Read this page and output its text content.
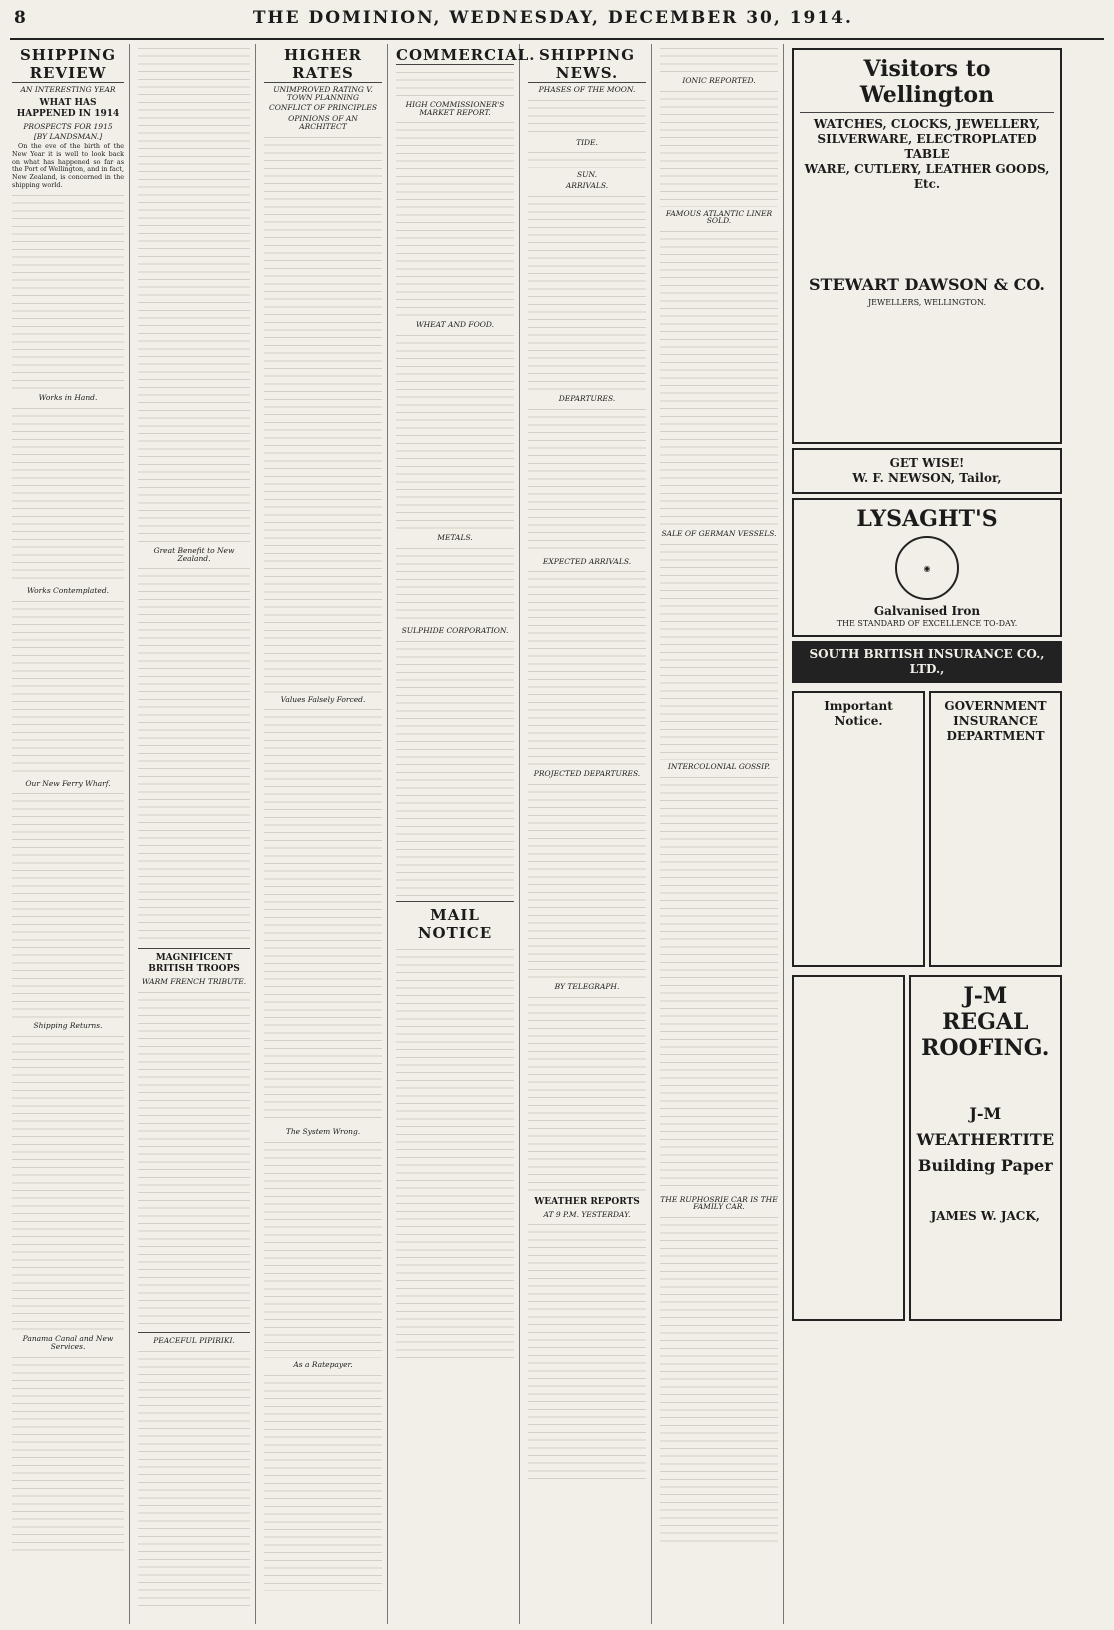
8	THE DOMINION, WEDNESDAY, DECEMBER 30, 1914.
SHIPPING REVIEW
AN INTERESTING YEAR
WHAT HAS HAPPENED IN 1914
PROSPECTS FOR 1915
[BY LANDSMAN.]

On the eve of the birth of the New Year it is well to look back on what has happened so far as the Port of Wellington, and in fact, New Zealand, is concerned in the shipping world.

Works in Hand.
Works Contemplated.
Our New Ferry Wharf.
Shipping Returns.
Panama Canal and New Services.
Great Benefit to New Zealand.
MAGNIFICENT BRITISH TROOPS
WARM FRENCH TRIBUTE.
PEACEFUL PIPIRIKI.
HIGHER RATES
UNIMPROVED RATING V. TOWN PLANNING
CONFLICT OF PRINCIPLES
OPINIONS OF AN ARCHITECT
Values Falsely Forced.
The System Wrong.
As a Ratepayer.
COMMERCIAL.
HIGH COMMISSIONER'S MARKET REPORT.
WHEAT AND FOOD.
METALS.
SULPHIDE CORPORATION.
MAIL NOTICE
SHIPPING NEWS.
PHASES OF THE MOON.
TIDE.
SUN.
ARRIVALS.
DEPARTURES.
EXPECTED ARRIVALS.
PROJECTED DEPARTURES.
BY TELEGRAPH.
WEATHER REPORTS
AT 9 P.M. YESTERDAY.
IONIC REPORTED.
FAMOUS ATLANTIC LINER SOLD.
SALE OF GERMAN VESSELS.
INTERCOLONIAL GOSSIP.
THE RUPHOSRIE CAR IS THE FAMILY CAR.
Visitors to Wellington
WATCHES, CLOCKS, JEWELLERY,
SILVERWARE, ELECTROPLATED TABLE
WARE, CUTLERY, LEATHER GOODS, Etc.
STEWART DAWSON & CO.
JEWELLERS, WELLINGTON.
GET WISE!
W. F. NEWSON, Tailor,
LYSAGHT'S
◉
Galvanised Iron
THE STANDARD OF EXCELLENCE TO-DAY.
SOUTH BRITISH INSURANCE CO., LTD.,
Important Notice.
GOVERNMENT INSURANCE DEPARTMENT
J-M REGAL ROOFING.
J-M WEATHERTITE Building Paper
JAMES W. JACK,
